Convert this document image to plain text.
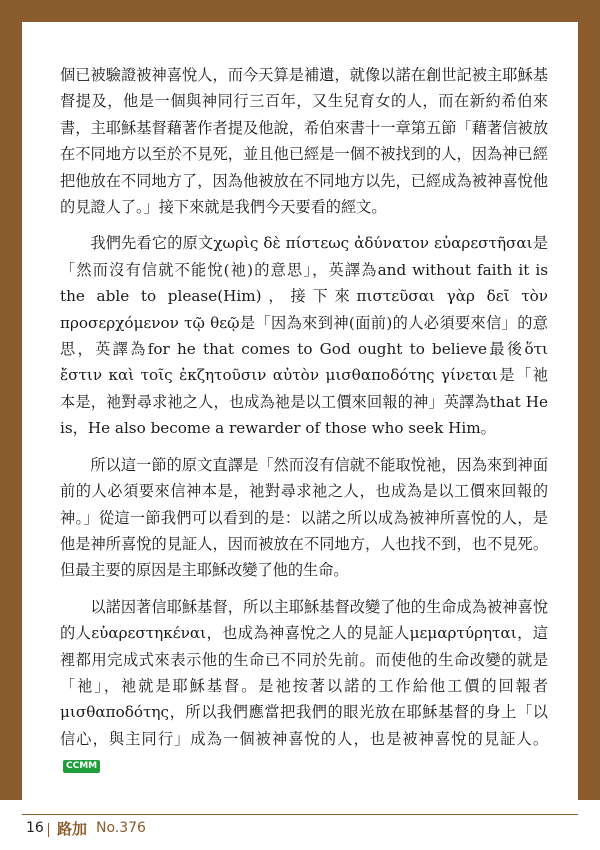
個已被驗證被神喜悅人，而今天算是補遺，就像以諾在創世記被主耶穌基督提及，他是一個與神同行三百年，又生兒育女的人，而在新約希伯來書，主耶穌基督藉著作者提及他說，希伯來書十一章第五節「藉著信被放在不同地方以至於不見死，並且他已經是一個不被找到的人，因為神已經把他放在不同地方了，因為他被放在不同地方以先，已經成為被神喜悅他的見證人了。」接下來就是我們今天要看的經文。

我們先看它的原文χωρὶς δὲ πίστεως ἀδύνατον εὐαρεστῆσαι是「然而沒有信就不能悅(祂)的意思」，英譯為and without faith it is the able to please(Him)，接下來πιστεῦσαι γὰρ δεῖ τὸν προσερχόμενον τῷ θεῷ是「因為來到神(面前)的人必須要來信」的意思，英譯為for he that comes to God ought to believe最後ὅτι ἔστιν καὶ τοῖς ἐκζητοῦσιν αὐτὸν μισθαποδότης γίνεται是「祂本是，祂對尋求祂之人，也成為祂是以工價來回報的神」英譯為that He is，He also become a rewarder of those who seek Him。

所以這一節的原文直譯是「然而沒有信就不能取悅祂，因為來到神面前的人必須要來信神本是，祂對尋求祂之人，也成為是以工價來回報的神。」從這一節我們可以看到的是：以諾之所以成為被神所喜悅的人，是他是神所喜悅的見証人，因而被放在不同地方，人也找不到，也不見死。但最主要的原因是主耶穌改變了他的生命。

以諾因著信耶穌基督，所以主耶穌基督改變了他的生命成為被神喜悅的人εὐαρεστηκέναι，也成為神喜悅之人的見証人μεμαρτύρηται，這裡都用完成式來表示他的生命已不同於先前。而使他的生命改變的就是「祂」，祂就是耶穌基督。是祂按著以諾的工作給他工價的回報者μισθαποδότης，所以我們應當把我們的眼光放在耶穌基督的身上「以信心，與主同行」成為一個被神喜悅的人，也是被神喜悅的見証人。CCMM

16 路加 No.376
